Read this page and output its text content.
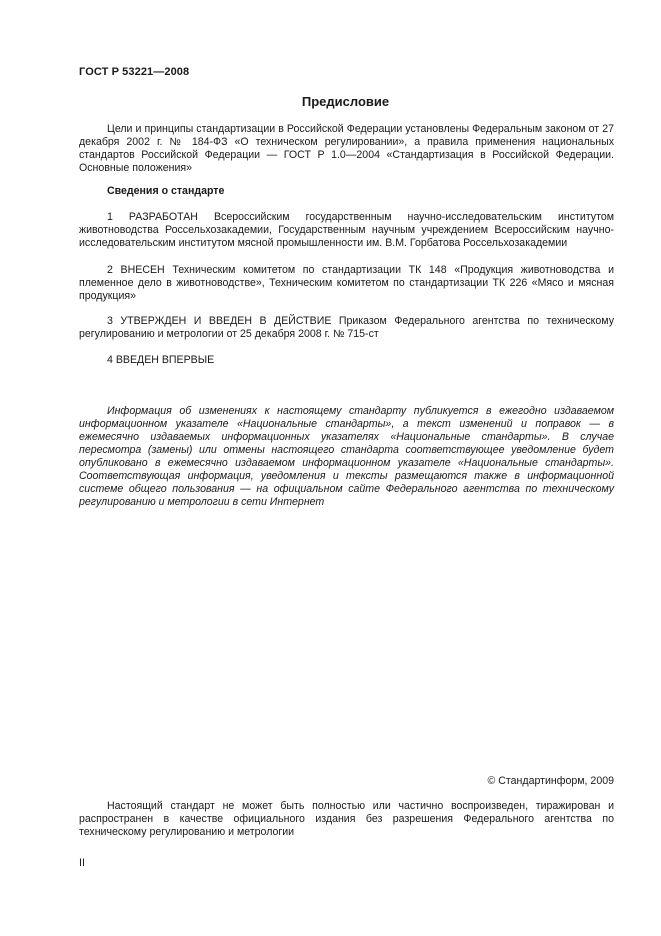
ГОСТ Р 53221—2008
Предисловие

Цели и принципы стандартизации в Российской Федерации установлены Федеральным законом от 27 декабря 2002 г. № 184-ФЗ «О техническом регулировании», а правила применения национальных стандартов Российской Федерации — ГОСТ Р 1.0—2004 «Стандартизация в Российской Федерации. Основные положения»

Сведения о стандарте

1 РАЗРАБОТАН Всероссийским государственным научно-исследовательским институтом животноводства Россельхозакадемии, Государственным научным учреждением Всероссийским научно-исследовательским институтом мясной промышленности им. В.М. Горбатова Россельхозакадемии

2 ВНЕСЕН Техническим комитетом по стандартизации ТК 148 «Продукция животноводства и племенное дело в животноводстве», Техническим комитетом по стандартизации ТК 226 «Мясо и мясная продукция»

3 УТВЕРЖДЕН И ВВЕДЕН В ДЕЙСТВИЕ Приказом Федерального агентства по техническому регулированию и метрологии от 25 декабря 2008 г. № 715-ст

4 ВВЕДЕН ВПЕРВЫЕ

Информация об изменениях к настоящему стандарту публикуется в ежегодно издаваемом информационном указателе «Национальные стандарты», а текст изменений и поправок — в ежемесячно издаваемых информационных указателях «Национальные стандарты». В случае пересмотра (замены) или отмены настоящего стандарта соответствующее уведомление будет опубликовано в ежемесячно издаваемом информационном указателе «Национальные стандарты». Соответствующая информация, уведомления и тексты размещаются также в информационной системе общего пользования — на официальном сайте Федерального агентства по техническому регулированию и метрологии в сети Интернет

© Стандартинформ, 2009

Настоящий стандарт не может быть полностью или частично воспроизведен, тиражирован и распространен в качестве официального издания без разрешения Федерального агентства по техническому регулированию и метрологии

II
